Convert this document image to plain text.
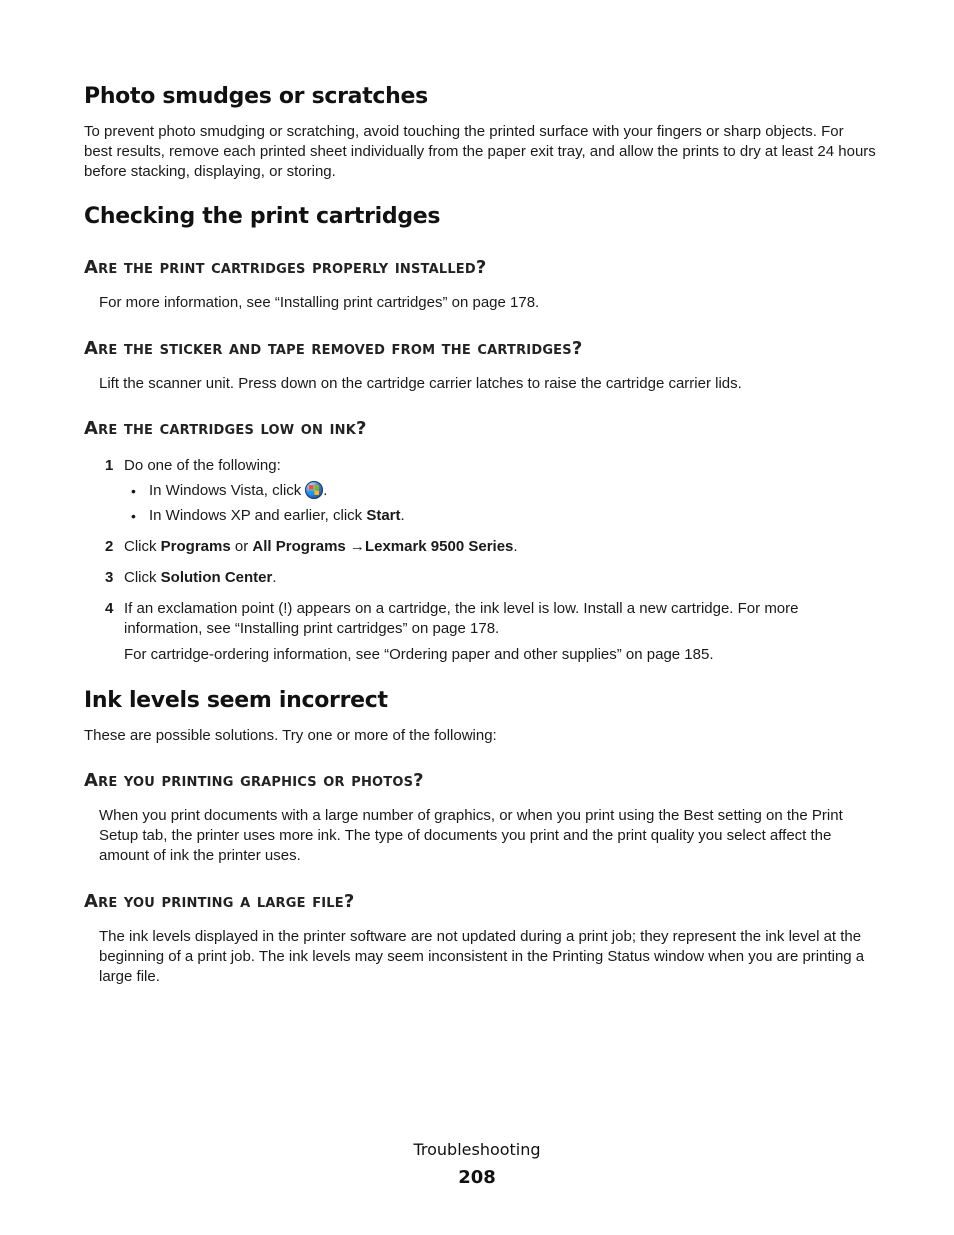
Photo smudges or scratches

To prevent photo smudging or scratching, avoid touching the printed surface with your fingers or sharp objects. For best results, remove each printed sheet individually from the paper exit tray, and allow the prints to dry at least 24 hours before stacking, displaying, or storing.

Checking the print cartridges
Are the print cartridges properly installed?

For more information, see “Installing print cartridges” on page 178.

Are the sticker and tape removed from the cartridges?

Lift the scanner unit. Press down on the cartridge carrier latches to raise the cartridge carrier lids.

Are the cartridges low on ink?
1 Do one of the following:
• In Windows Vista, click .
• In Windows XP and earlier, click Start.
2 Click Programs or All Programs →Lexmark 9500 Series.
3 Click Solution Center.
4 If an exclamation point (!) appears on a cartridge, the ink level is low. Install a new cartridge. For more information, see “Installing print cartridges” on page 178.

For cartridge-ordering information, see “Ordering paper and other supplies” on page 185.

Ink levels seem incorrect

These are possible solutions. Try one or more of the following:

Are you printing graphics or photos?

When you print documents with a large number of graphics, or when you print using the Best setting on the Print Setup tab, the printer uses more ink. The type of documents you print and the print quality you select affect the amount of ink the printer uses.

Are you printing a large file?

The ink levels displayed in the printer software are not updated during a print job; they represent the ink level at the beginning of a print job. The ink levels may seem inconsistent in the Printing Status window when you are printing a large file.

Troubleshooting
208
